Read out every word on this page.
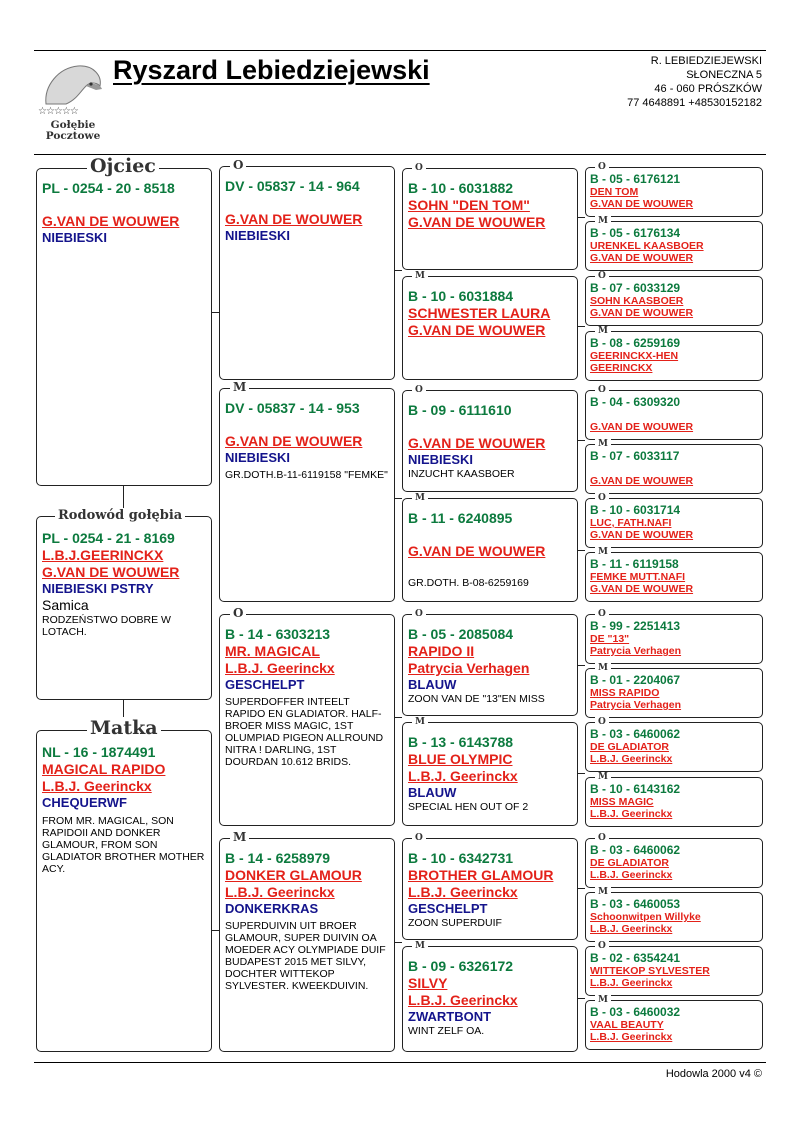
☆☆☆☆☆
Gołębie
Pocztowe
Ryszard Lebiedziejewski	R. LEBIEDZIEJEWSKI
SŁONECZNA 5
46 - 060 PRÓSZKÓW
77 4648891 +48530152182
Ojciec
PL - 0254 - 20 - 8518
G.VAN DE WOUWER
NIEBIESKI
Rodowód gołębia
PL - 0254 - 21 - 8169
L.B.J.GEERINCKX
G.VAN DE WOUWER
NIEBIESKI PSTRY
Samica
RODZEŃSTWO DOBRE W LOTACH.
Matka
NL - 16 - 1874491
MAGICAL RAPIDO
L.B.J. Geerinckx
CHEQUERWF
FROM MR. MAGICAL, SON RAPIDOII AND DONKER GLAMOUR, FROM SON GLADIATOR BROTHER MOTHER ACY.
O
DV - 05837 - 14 - 964
G.VAN DE WOUWER
NIEBIESKI
M
DV - 05837 - 14 - 953
G.VAN DE WOUWER
NIEBIESKI
GR.DOTH.B-11-6119158 "FEMKE"
O
B - 14 - 6303213
MR. MAGICAL
L.B.J. Geerinckx
GESCHELPT
SUPERDOFFER INTEELT RAPIDO EN GLADIATOR. HALF-BROER MISS MAGIC, 1ST OLUMPIAD PIGEON ALLROUND NITRA ! DARLING, 1ST DOURDAN 10.612 BRIDS.
M
B - 14 - 6258979
DONKER GLAMOUR
L.B.J. Geerinckx
DONKERKRAS
SUPERDUIVIN UIT BROER GLAMOUR, SUPER DUIVIN OA MOEDER ACY OLYMPIADE DUIF BUDAPEST 2015 MET SILVY, DOCHTER WITTEKOP SYLVESTER. KWEEKDUIVIN.
O
B - 10 - 6031882
SOHN "DEN TOM"
G.VAN DE WOUWER
M
B - 10 - 6031884
SCHWESTER LAURA
G.VAN DE WOUWER
O
B - 09 - 6111610
G.VAN DE WOUWER
NIEBIESKI
INZUCHT KAASBOER
M
B - 11 - 6240895
G.VAN DE WOUWER
GR.DOTH. B-08-6259169
O
B - 05 - 2085084
RAPIDO II
Patrycia Verhagen
BLAUW
ZOON VAN DE "13"EN MISS
M
B - 13 - 6143788
BLUE OLYMPIC
L.B.J. Geerinckx
BLAUW
SPECIAL HEN OUT OF 2
O
B - 10 - 6342731
BROTHER GLAMOUR
L.B.J. Geerinckx
GESCHELPT
ZOON SUPERDUIF
M
B - 09 - 6326172
SILVY
L.B.J. Geerinckx
ZWARTBONT
WINT ZELF OA.
O
B - 05 - 6176121
DEN TOM
G.VAN DE WOUWER
M
B - 05 - 6176134
URENKEL KAASBOER
G.VAN DE WOUWER
O
B - 07 - 6033129
SOHN KAASBOER
G.VAN DE WOUWER
M
B - 08 - 6259169
GEERINCKX-HEN
GEERINCKX
O
B - 04 - 6309320
G.VAN DE WOUWER
M
B - 07 - 6033117
G.VAN DE WOUWER
O
B - 10 - 6031714
LUC, FATH.NAFI
G.VAN DE WOUWER
M
B - 11 - 6119158
FEMKE MUTT.NAFI
G.VAN DE WOUWER
O
B - 99 - 2251413
DE "13"
Patrycia Verhagen
M
B - 01 - 2204067
MISS RAPIDO
Patrycia Verhagen
O
B - 03 - 6460062
DE GLADIATOR
L.B.J. Geerinckx
M
B - 10 - 6143162
MISS MAGIC
L.B.J. Geerinckx
O
B - 03 - 6460062
DE GLADIATOR
L.B.J. Geerinckx
M
B - 03 - 6460053
Schoonwitpen Willyke
L.B.J. Geerinckx
O
B - 02 - 6354241
WITTEKOP SYLVESTER
L.B.J. Geerinckx
M
B - 03 - 6460032
VAAL BEAUTY
L.B.J. Geerinckx
Hodowla 2000 v4 ©
